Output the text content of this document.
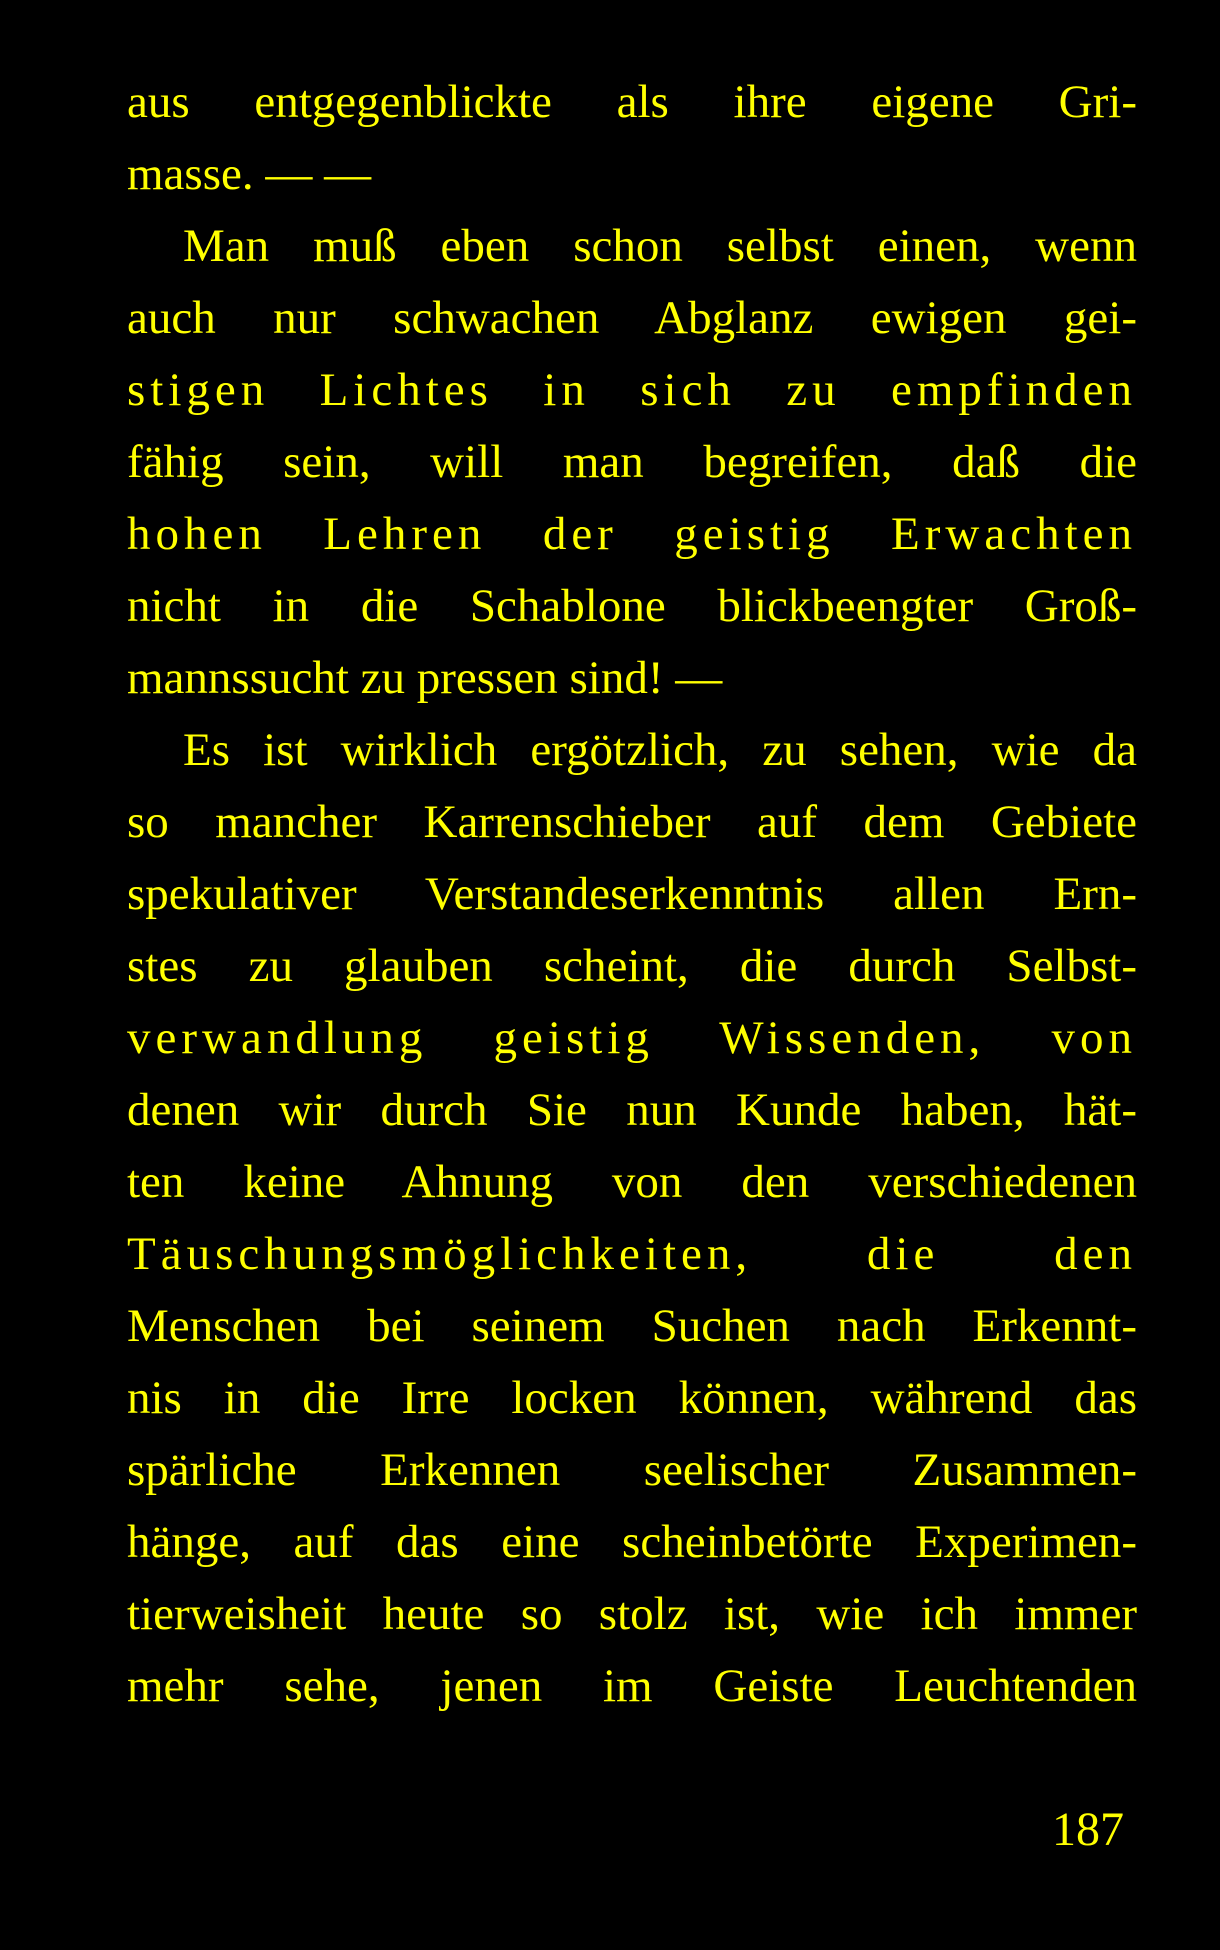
aus entgegenblickte als ihre eigene Gri-
masse. — —
Man muß eben schon selbst einen, wenn
auch nur schwachen Abglanz ewigen gei-
stigen Lichtes in sich zu empfinden
fähig sein, will man begreifen, daß die
hohen Lehren der geistig Erwachten
nicht in die Schablone blickbeengter Groß-
mannssucht zu pressen sind! —
Es ist wirklich ergötzlich, zu sehen, wie da
so mancher Karrenschieber auf dem Gebiete
spekulativer Verstandeserkenntnis allen Ern-
stes zu glauben scheint, die durch Selbst-
verwandlung geistig Wissenden, von
denen wir durch Sie nun Kunde haben, hät-
ten keine Ahnung von den verschiedenen
Täuschungsmöglichkeiten, die den
Menschen bei seinem Suchen nach Erkennt-
nis in die Irre locken können, während das
spärliche Erkennen seelischer Zusammen-
hänge, auf das eine scheinbetörte Experimen-
tierweisheit heute so stolz ist, wie ich immer
mehr sehe, jenen im Geiste Leuchtenden
187
